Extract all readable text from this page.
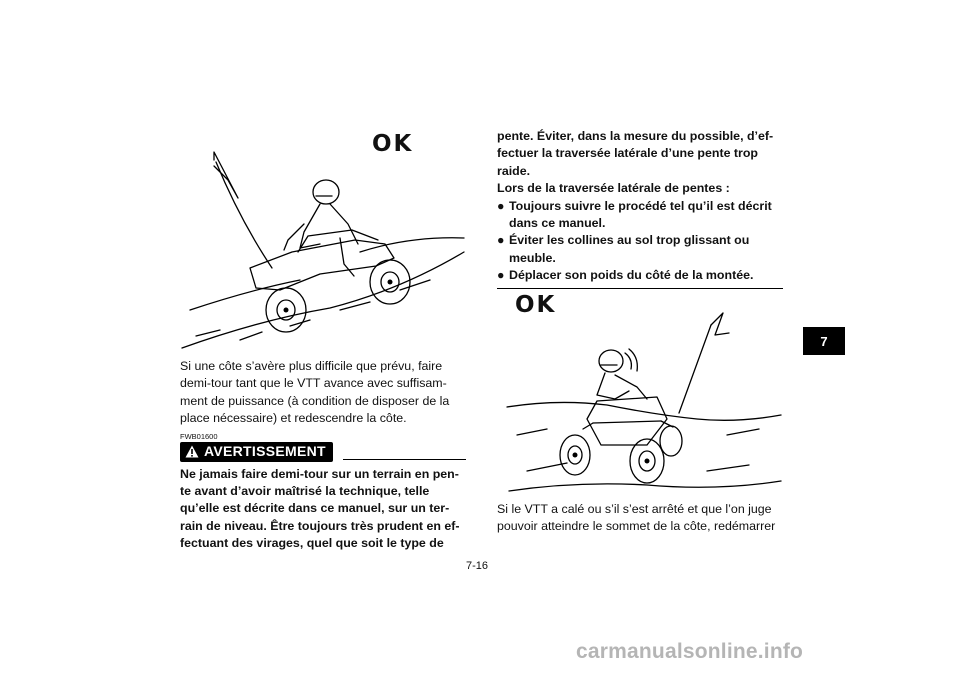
OK

Si une côte s’avère plus difficile que prévu, faire
demi-tour tant que le VTT avance avec suffisam-
ment de puissance (à condition de disposer de la
place nécessaire) et redescendre la côte.

FWB01600
AVERTISSEMENT

Ne jamais faire demi-tour sur un terrain en pen-
te avant d’avoir maîtrisé la technique, telle
qu’elle est décrite dans ce manuel, sur un ter-
rain de niveau. Être toujours très prudent en ef-
fectuant des virages, quel que soit le type de

pente. Éviter, dans la mesure du possible, d’ef-
fectuer la traversée latérale d’une pente trop
raide.

Lors de la traversée latérale de pentes :

● Toujours suivre le procédé tel qu’il est décrit
dans ce manuel.
● Éviter les collines au sol trop glissant ou
meuble.
● Déplacer son poids du côté de la montée.
OK

Si le VTT a calé ou s’il s’est arrêté et que l’on juge
pouvoir atteindre le sommet de la côte, redémarrer

7
7-16
carmanualsonline.info
